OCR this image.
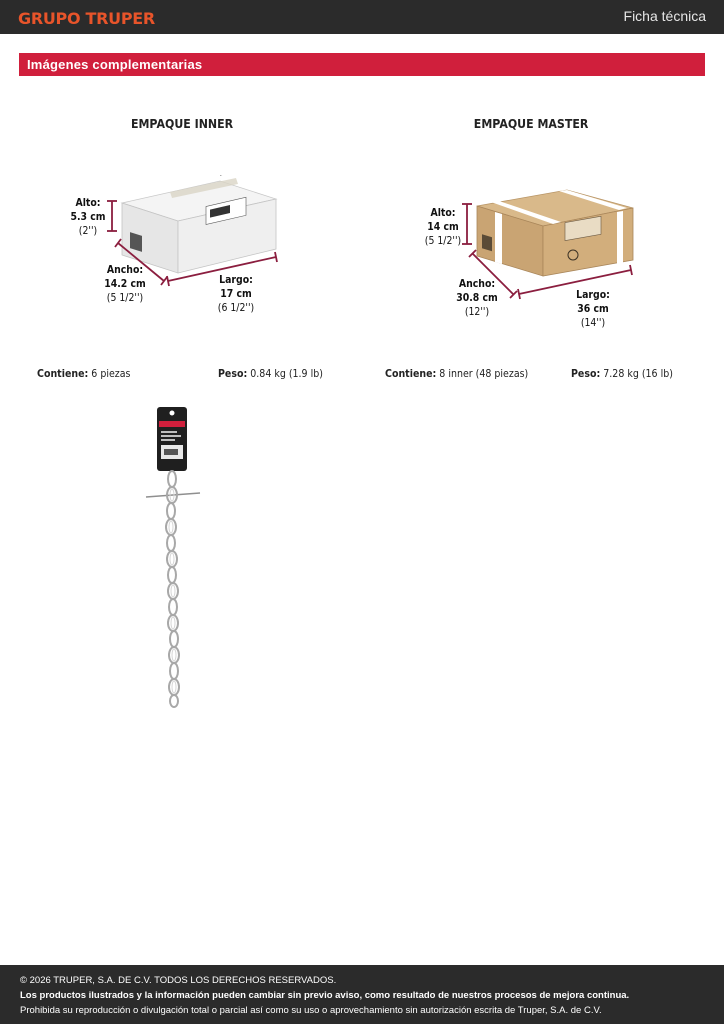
GRUPO TRUPER	Ficha técnica
Imágenes complementarias
EMPAQUE INNER	EMPAQUE MASTER
Alto:
5.3 cm
(2'')
Ancho:
14.2 cm
(5 1/2'')
Largo:
17 cm
(6 1/2'')
Alto:
14 cm
(5 1/2'')
Ancho:
30.8 cm
(12'')
Largo:
36 cm
(14'')
Contiene: 6 piezas	Peso: 0.84 kg (1.9 lb)	Contiene: 8 inner (48 piezas)	Peso: 7.28 kg (16 lb)

© 2026 TRUPER, S.A. DE C.V. TODOS LOS DERECHOS RESERVADOS.

Los productos ilustrados y la información pueden cambiar sin previo aviso, como resultado de nuestros procesos de mejora continua.

Prohibida su reproducción o divulgación total o parcial así como su uso o aprovechamiento sin autorización escrita de Truper, S.A. de C.V.
